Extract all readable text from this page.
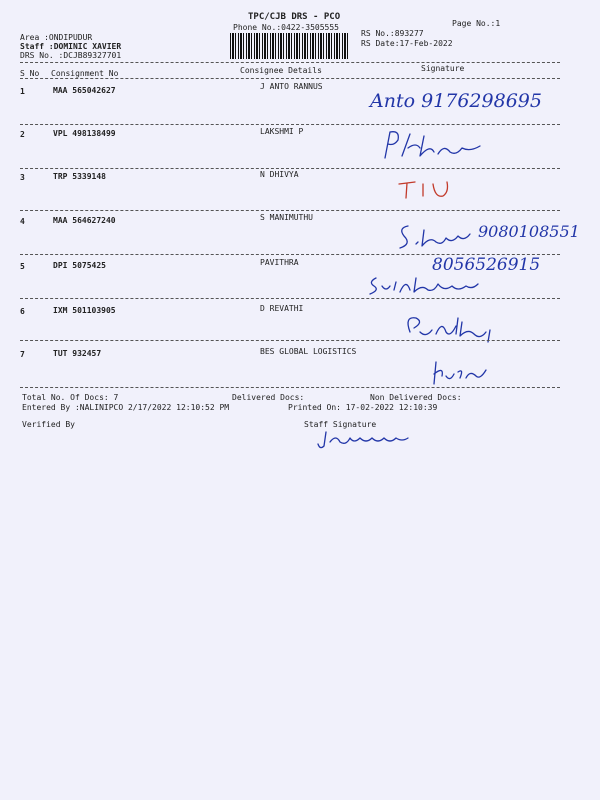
TPC/CJB DRS - PCO
Phone No.:0422-3505555
RS No.:893277
RS Date:17-Feb-2022
Page No.:1
Area :ONDIPUDUR
Staff :DOMINIC XAVIER
DRS No. :DCJB89327701
S No Consignment No	Consignee Details	Signature
1	MAA 565042627	J ANTO RANNUS
Anto 9176298695
2	VPL 498138499	LAKSHMI P
3	TRP 5339148	N DHIVYA
4	MAA 564627240	S MANIMUTHU
9080108551
5	DPI 5075425	PAVITHRA	8056526915
6	IXM 501103905	D REVATHI
7	TUT 932457	BES GLOBAL LOGISTICS
Total No. Of Docs: 7	Delivered Docs:	Non Delivered Docs:
Entered By :NALINIPCO 2/17/2022 12:10:52 PM	Printed On: 17-02-2022 12:10:39
Verified By	Staff Signature
